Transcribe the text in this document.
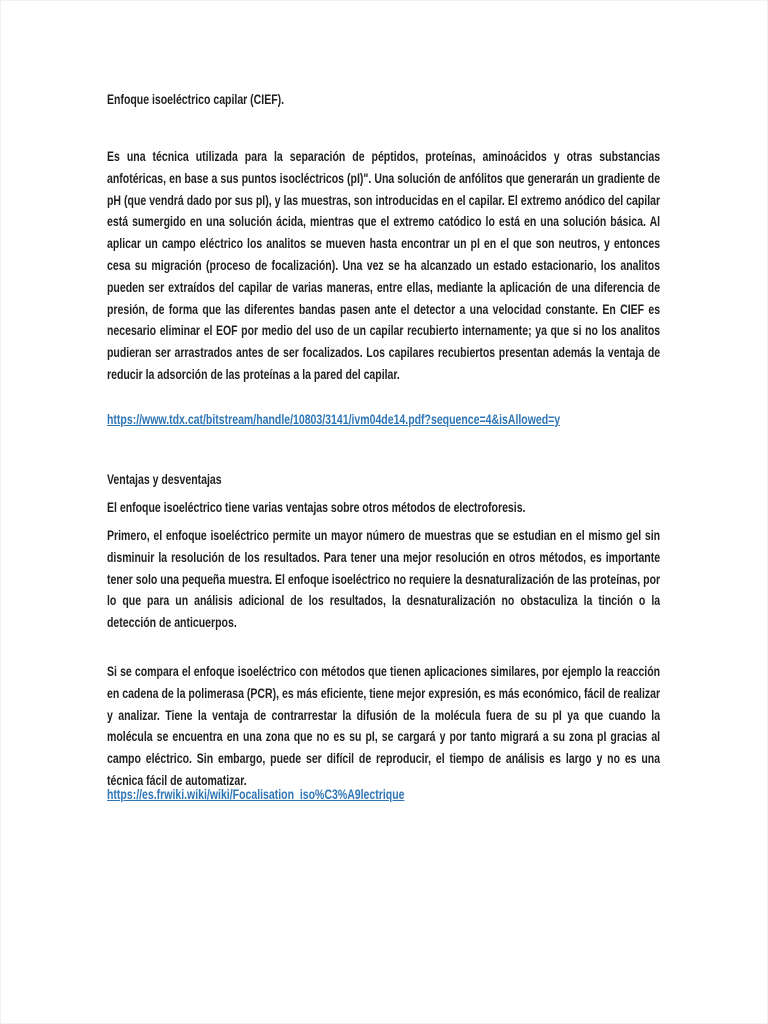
Enfoque isoeléctrico capilar (CIEF).

Es una técnica utilizada para la separación de péptidos, proteínas, aminoácidos y otras substancias anfotéricas, en base a sus puntos isocléctricos (pI)". Una solución de anfólitos que generarán un gradiente de pH (que vendrá dado por sus pI), y las muestras, son introducidas en el capilar. El extremo anódico del capilar está sumergido en una solución ácida, mientras que el extremo catódico lo está en una solución básica. Al aplicar un campo eléctrico los analitos se mueven hasta encontrar un pI en el que son neutros, y entonces cesa su migración (proceso de focalización). Una vez se ha alcanzado un estado estacionario, los analitos pueden ser extraídos del capilar de varias maneras, entre ellas, mediante la aplicación de una diferencia de presión, de forma que las diferentes bandas pasen ante el detector a una velocidad constante. En CIEF es necesario eliminar el EOF por medio del uso de un capilar recubierto internamente; ya que si no los analitos pudieran ser arrastrados antes de ser focalizados. Los capilares recubiertos presentan además la ventaja de reducir la adsorción de las proteínas a la pared del capilar.

https://www.tdx.cat/bitstream/handle/10803/3141/ivm04de14.pdf?sequence=4&isAllowed=y
Ventajas y desventajas

El enfoque isoeléctrico tiene varias ventajas sobre otros métodos de electroforesis.

Primero, el enfoque isoeléctrico permite un mayor número de muestras que se estudian en el mismo gel sin disminuir la resolución de los resultados. Para tener una mejor resolución en otros métodos, es importante tener solo una pequeña muestra. El enfoque isoeléctrico no requiere la desnaturalización de las proteínas, por lo que para un análisis adicional de los resultados, la desnaturalización no obstaculiza la tinción o la detección de anticuerpos.

Si se compara el enfoque isoeléctrico con métodos que tienen aplicaciones similares, por ejemplo la reacción en cadena de la polimerasa (PCR), es más eficiente, tiene mejor expresión, es más económico, fácil de realizar y analizar. Tiene la ventaja de contrarrestar la difusión de la molécula fuera de su pI ya que cuando la molécula se encuentra en una zona que no es su pI, se cargará y por tanto migrará a su zona pI gracias al campo eléctrico. Sin embargo, puede ser difícil de reproducir, el tiempo de análisis es largo y no es una técnica fácil de automatizar.

https://es.frwiki.wiki/wiki/Focalisation_iso%C3%A9lectrique
